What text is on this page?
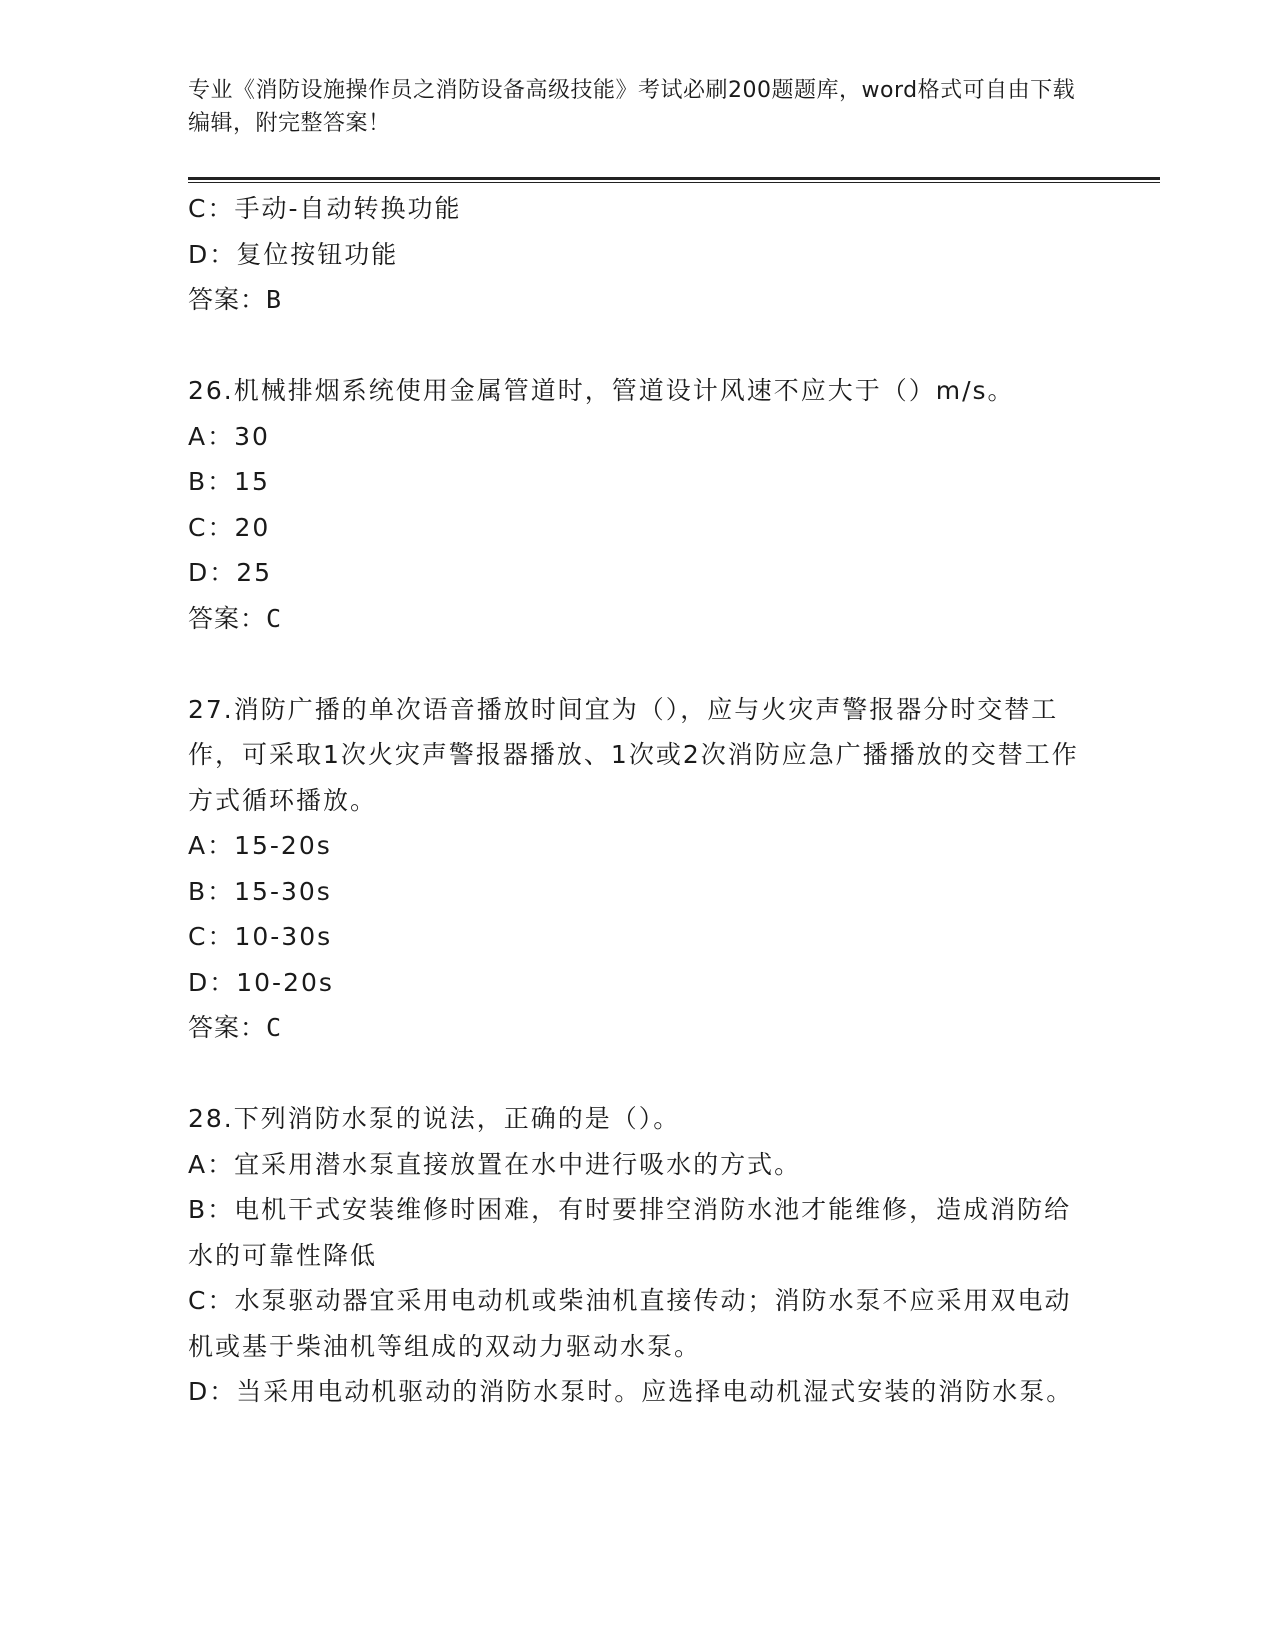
专业《消防设施操作员之消防设备高级技能》考试必刷200题题库，word格式可自由下载编辑，附完整答案！

C：手动-自动转换功能

D：复位按钮功能

答案：B

26.机械排烟系统使用金属管道时，管道设计风速不应大于（）m/s。

A：30

B：15

C：20

D：25

答案：C

27.消防广播的单次语音播放时间宜为（），应与火灾声警报器分时交替工作，可采取1次火灾声警报器播放、1次或2次消防应急广播播放的交替工作方式循环播放。

A：15-20s

B：15-30s

C：10-30s

D：10-20s

答案：C

28.下列消防水泵的说法，正确的是（）。

A：宜采用潜水泵直接放置在水中进行吸水的方式。

B：电机干式安装维修时困难，有时要排空消防水池才能维修，造成消防给水的可靠性降低

C：水泵驱动器宜采用电动机或柴油机直接传动；消防水泵不应采用双电动机或基于柴油机等组成的双动力驱动水泵。

D：当采用电动机驱动的消防水泵时。应选择电动机湿式安装的消防水泵。
